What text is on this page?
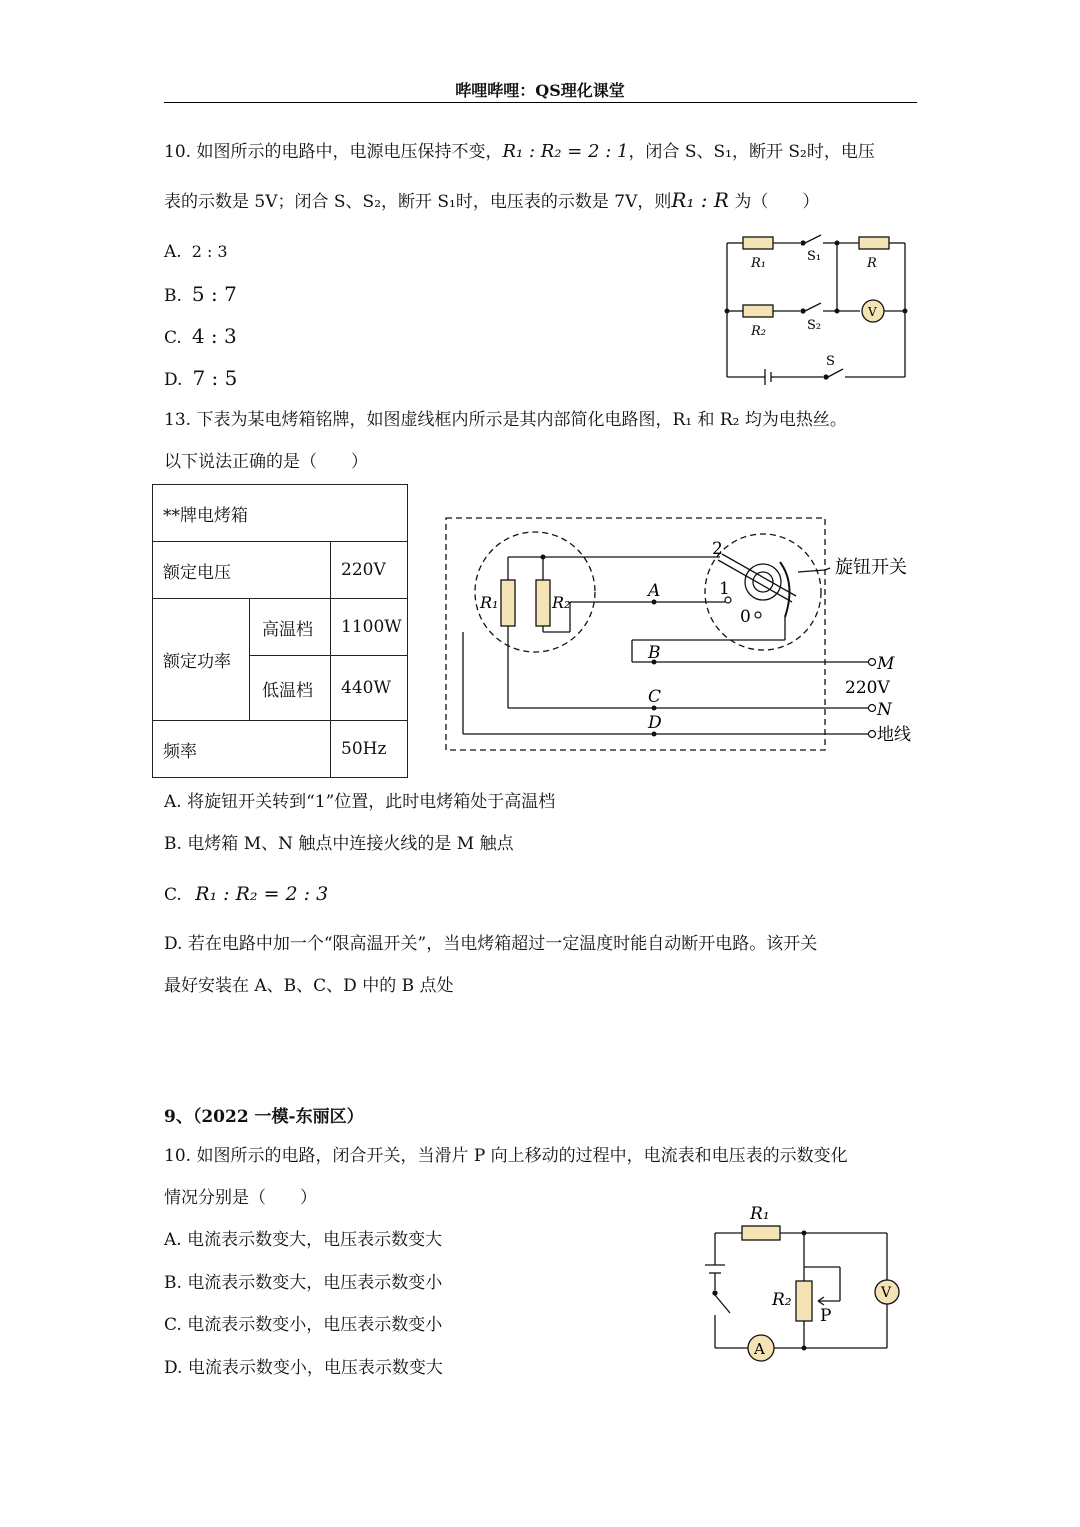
哔哩哔哩：QS理化课堂
10. 如图所示的电路中，电源电压保持不变，R₁ : R₂ = 2 : 1，闭合 S、S₁，断开 S₂时，电压
表的示数是 5V；闭合 S、S₂，断开 S₁时，电压表的示数是 7V，则R₁ : R 为（　　）
A. 2 : 3
B. 5 : 7
C. 4 : 3
D. 7 : 5
R₁	S₁	R
R₂	S₂
V
S
13. 下表为某电烤箱铭牌，如图虚线框内所示是其内部简化电路图，R₁ 和 R₂ 均为电热丝。
以下说法正确的是（　　）
**牌电烤箱		
额定电压		220V
额定功率	高温档	1100W
	低温档	440W
频率		50Hz
R₁	R₂
A
B
C
D
1
2
0
旋钮开关
M
220V
N
地线
A. 将旋钮开关转到“1”位置，此时电烤箱处于高温档
B. 电烤箱 M、N 触点中连接火线的是 M 触点
C. R₁ : R₂ = 2 : 3
D. 若在电路中加一个“限高温开关”，当电烤箱超过一定温度时能自动断开电路。该开关
最好安装在 A、B、C、D 中的 B 点处
9、（2022 一模-东丽区）
10. 如图所示的电路，闭合开关，当滑片 P 向上移动的过程中，电流表和电压表的示数变化
情况分别是（　　）
A. 电流表示数变大，电压表示数变大
B. 电流表示数变大，电压表示数变小
C. 电流表示数变小，电压表示数变小
D. 电流表示数变小，电压表示数变大
R₁
R₂
P
V
A
